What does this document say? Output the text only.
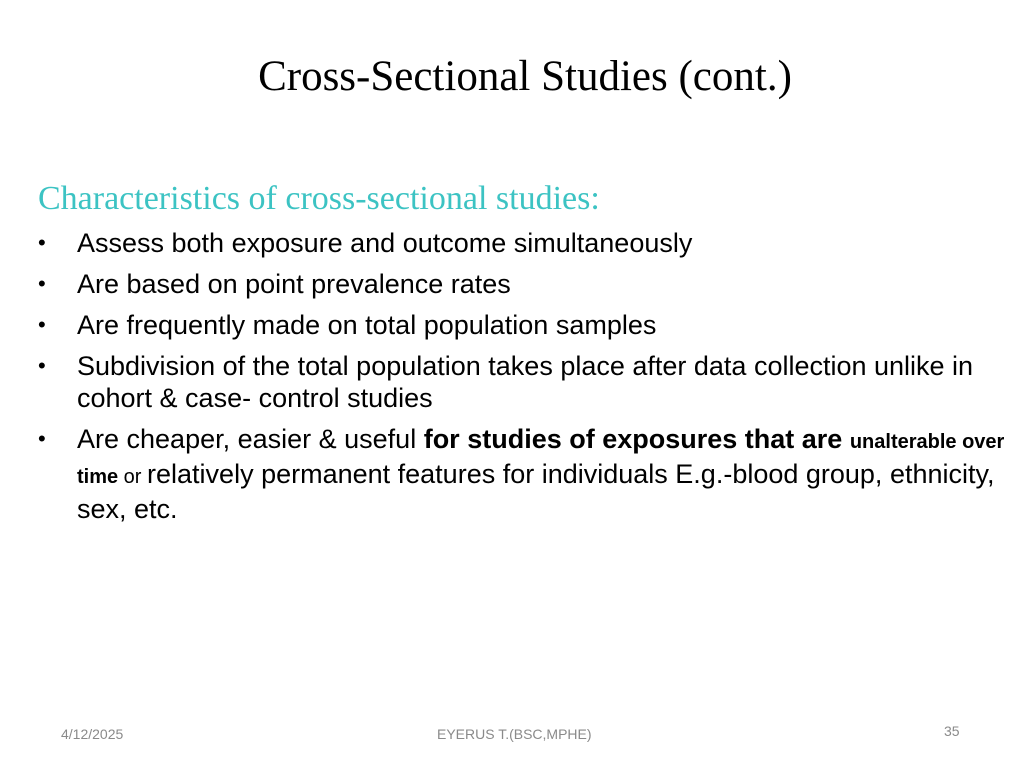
Cross-Sectional Studies (cont.)
Characteristics of cross-sectional studies:
•	Assess both exposure and outcome simultaneously
•	Are based on point prevalence rates
•	Are frequently made on total population samples
•	Subdivision of the total population takes place after data collection unlike in cohort & case- control studies
•	Are cheaper, easier & useful for studies of exposures that are unalterable over time or relatively permanent features for individuals E.g.-blood group, ethnicity, sex, etc.
4/12/2025	EYERUS T.(BSC,MPHE)	35
